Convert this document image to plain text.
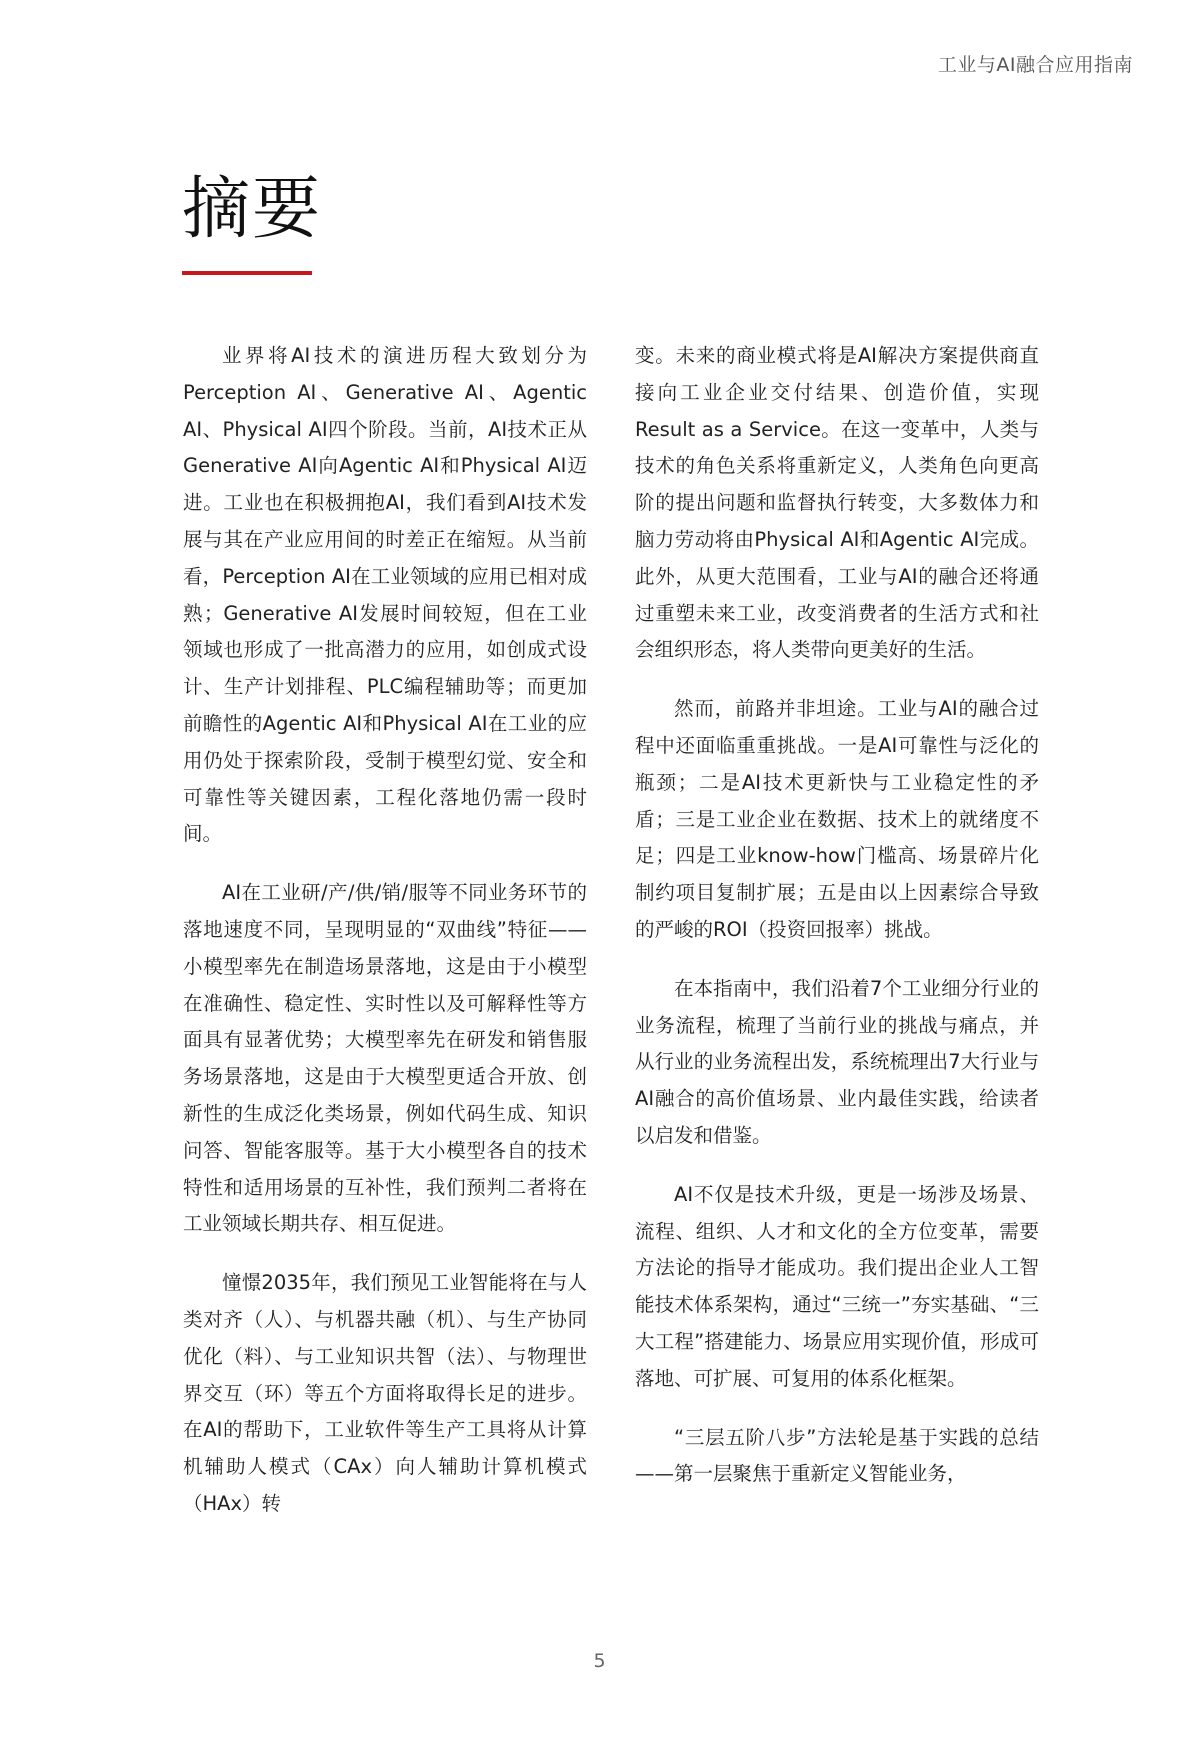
工业与AI融合应用指南
摘要

业界将AI技术的演进历程大致划分为Perception AI、Generative AI、Agentic AI、Physical AI四个阶段。当前，AI技术正从Generative AI向Agentic AI和Physical AI迈进。工业也在积极拥抱AI，我们看到AI技术发展与其在产业应用间的时差正在缩短。从当前看，Perception AI在工业领域的应用已相对成熟；Generative AI发展时间较短，但在工业领域也形成了一批高潜力的应用，如创成式设计、生产计划排程、PLC编程辅助等；而更加前瞻性的Agentic AI和Physical AI在工业的应用仍处于探索阶段，受制于模型幻觉、安全和可靠性等关键因素，工程化落地仍需一段时间。

AI在工业研/产/供/销/服等不同业务环节的落地速度不同，呈现明显的“双曲线”特征——小模型率先在制造场景落地，这是由于小模型在准确性、稳定性、实时性以及可解释性等方面具有显著优势；大模型率先在研发和销售服务场景落地，这是由于大模型更适合开放、创新性的生成泛化类场景，例如代码生成、知识问答、智能客服等。基于大小模型各自的技术特性和适用场景的互补性，我们预判二者将在工业领域长期共存、相互促进。

憧憬2035年，我们预见工业智能将在与人类对齐（人）、与机器共融（机）、与生产协同优化（料）、与工业知识共智（法）、与物理世界交互（环）等五个方面将取得长足的进步。在AI的帮助下，工业软件等生产工具将从计算机辅助人模式（CAx）向人辅助计算机模式（HAx）转

变。未来的商业模式将是AI解决方案提供商直接向工业企业交付结果、创造价值，实现Result as a Service。在这一变革中，人类与技术的角色关系将重新定义，人类角色向更高阶的提出问题和监督执行转变，大多数体力和脑力劳动将由Physical AI和Agentic AI完成。此外，从更大范围看，工业与AI的融合还将通过重塑未来工业，改变消费者的生活方式和社会组织形态，将人类带向更美好的生活。

然而，前路并非坦途。工业与AI的融合过程中还面临重重挑战。一是AI可靠性与泛化的瓶颈；二是AI技术更新快与工业稳定性的矛盾；三是工业企业在数据、技术上的就绪度不足；四是工业know-how门槛高、场景碎片化制约项目复制扩展；五是由以上因素综合导致的严峻的ROI（投资回报率）挑战。

在本指南中，我们沿着7个工业细分行业的业务流程，梳理了当前行业的挑战与痛点，并从行业的业务流程出发，系统梳理出7大行业与AI融合的高价值场景、业内最佳实践，给读者以启发和借鉴。

AI不仅是技术升级，更是一场涉及场景、流程、组织、人才和文化的全方位变革，需要方法论的指导才能成功。我们提出企业人工智能技术体系架构，通过“三统一”夯实基础、“三大工程”搭建能力、场景应用实现价值，形成可落地、可扩展、可复用的体系化框架。

“三层五阶八步”方法轮是基于实践的总结——第一层聚焦于重新定义智能业务，

5
